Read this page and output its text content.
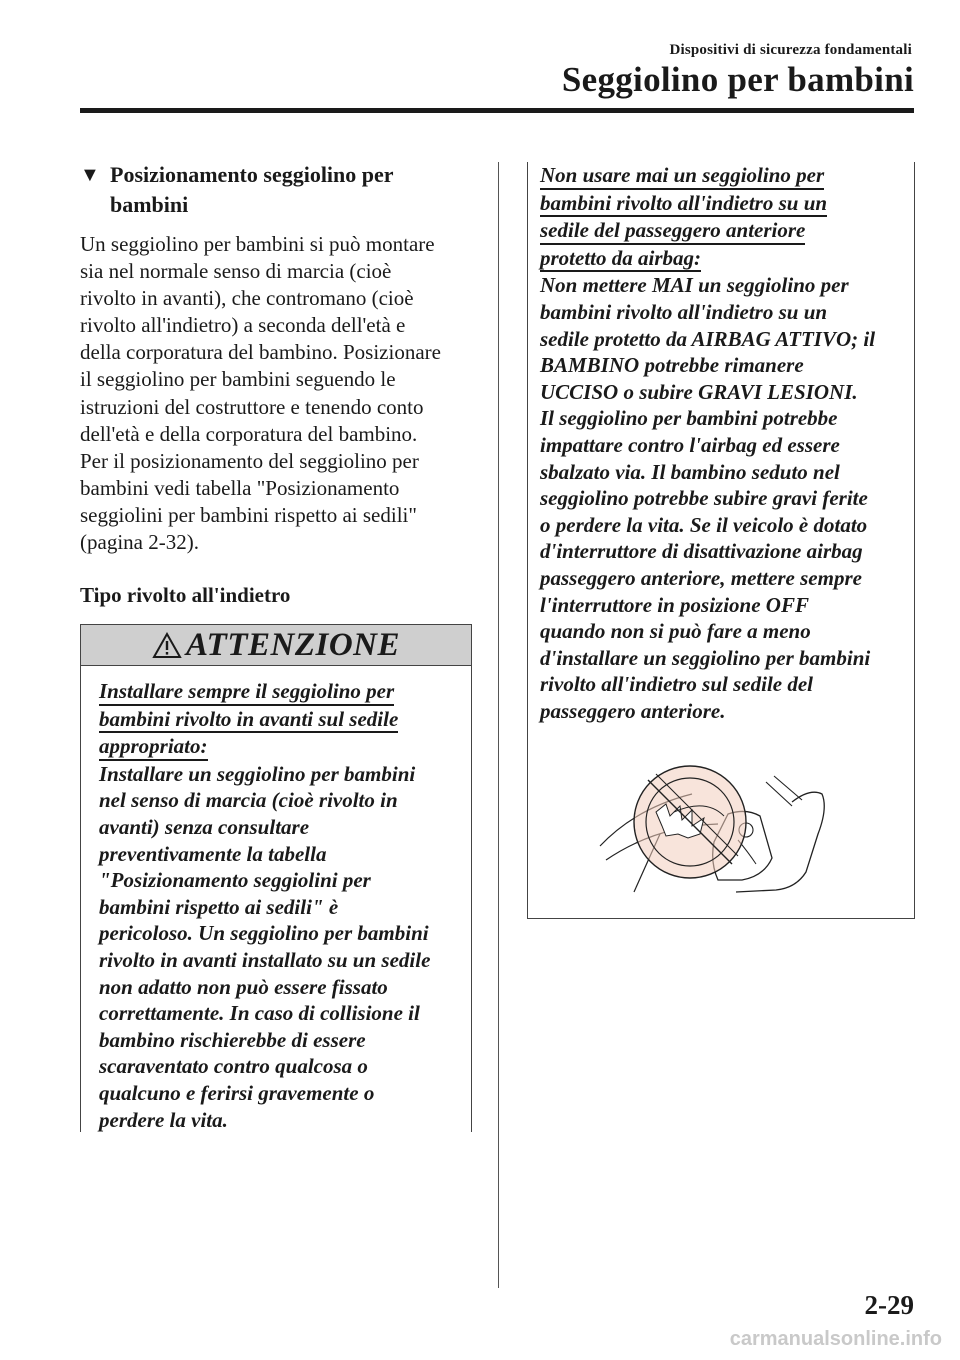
Dispositivi di sicurezza fondamentali
Seggiolino per bambini
▼ Posizionamento seggiolino per
bambini
Un seggiolino per bambini si può montare
sia nel normale senso di marcia (cioè
rivolto in avanti), che contromano (cioè
rivolto all'indietro) a seconda dell'età e
della corporatura del bambino. Posizionare
il seggiolino per bambini seguendo le
istruzioni del costruttore e tenendo conto
dell'età e della corporatura del bambino.
Per il posizionamento del seggiolino per
bambini vedi tabella "Posizionamento
seggiolini per bambini rispetto ai sedili"
(pagina 2-32).
Tipo rivolto all'indietro
ATTENZIONE
Installare sempre il seggiolino per
bambini rivolto in avanti sul sedile
appropriato:
Installare un seggiolino per bambini
nel senso di marcia (cioè rivolto in
avanti) senza consultare
preventivamente la tabella
"Posizionamento seggiolini per
bambini rispetto ai sedili" è
pericoloso. Un seggiolino per bambini
rivolto in avanti installato su un sedile
non adatto non può essere fissato
correttamente. In caso di collisione il
bambino rischierebbe di essere
scaraventato contro qualcosa o
qualcuno e ferirsi gravemente o
perdere la vita.
Non usare mai un seggiolino per
bambini rivolto all'indietro su un
sedile del passeggero anteriore
protetto da airbag:
Non mettere MAI un seggiolino per
bambini rivolto all'indietro su un
sedile protetto da AIRBAG ATTIVO; il
BAMBINO potrebbe rimanere
UCCISO o subire GRAVI LESIONI.
Il seggiolino per bambini potrebbe
impattare contro l'airbag ed essere
sbalzato via. Il bambino seduto nel
seggiolino potrebbe subire gravi ferite
o perdere la vita. Se il veicolo è dotato
d'interruttore di disattivazione airbag
passeggero anteriore, mettere sempre
l'interruttore in posizione OFF
quando non si può fare a meno
d'installare un seggiolino per bambini
rivolto all'indietro sul sedile del
passeggero anteriore.
2-29
carmanualsonline.info
